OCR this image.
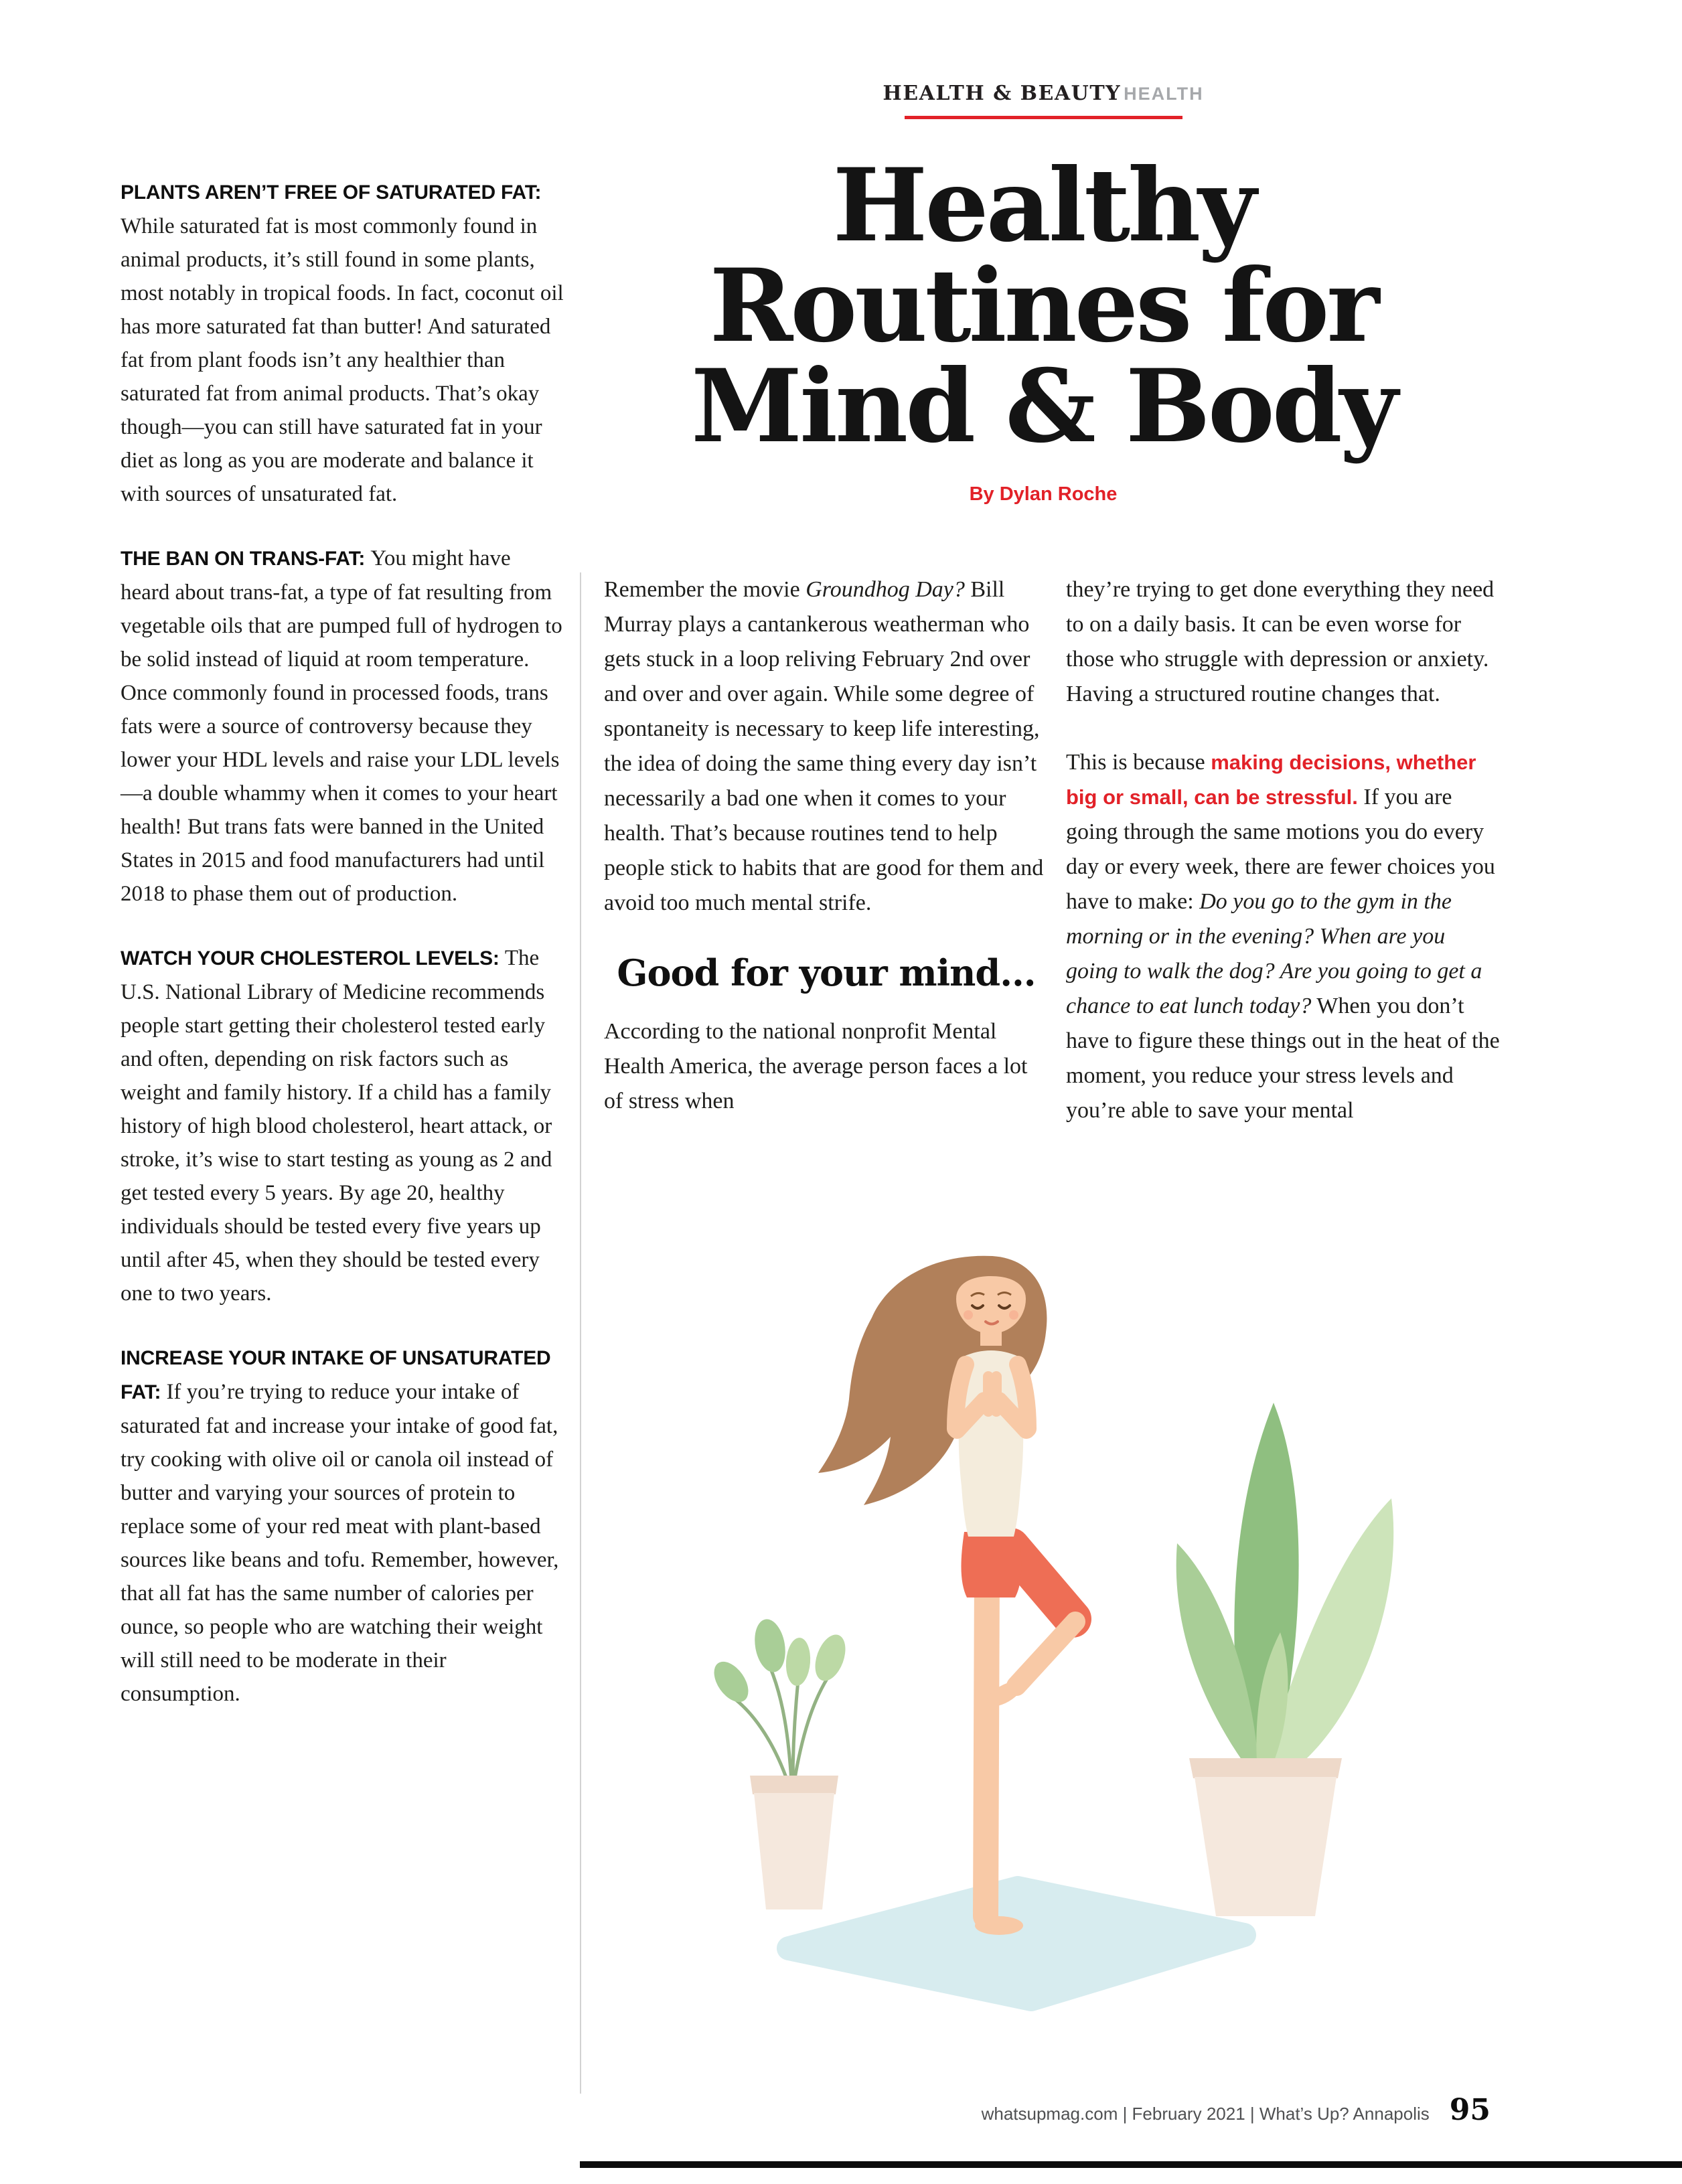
HEALTH & BEAUTY HEALTH
Healthy
Routines for
Mind & Body
By Dylan Roche

PLANTS AREN’T FREE OF SATURATED FAT: While saturated fat is most commonly found in animal products, it’s still found in some plants, most notably in tropical foods. In fact, coconut oil has more saturated fat than butter! And saturated fat from plant foods isn’t any healthier than saturated fat from animal products. That’s okay though—you can still have saturated fat in your diet as long as you are moderate and balance it with sources of unsaturated fat.

THE BAN ON TRANS-FAT: You might have heard about trans-fat, a type of fat resulting from vegetable oils that are pumped full of hydrogen to be solid instead of liquid at room temperature. Once commonly found in processed foods, trans fats were a source of controversy because they lower your HDL levels and raise your LDL levels—a double whammy when it comes to your heart health! But trans fats were banned in the United States in 2015 and food manufacturers had until 2018 to phase them out of production.

WATCH YOUR CHOLESTEROL LEVELS: The U.S. National Library of Medicine recommends people start getting their cholesterol tested early and often, depending on risk factors such as weight and family history. If a child has a family history of high blood cholesterol, heart attack, or stroke, it’s wise to start testing as young as 2 and get tested every 5 years. By age 20, healthy individuals should be tested every five years up until after 45, when they should be tested every one to two years.

INCREASE YOUR INTAKE OF UNSATURATED FAT: If you’re trying to reduce your intake of saturated fat and increase your intake of good fat, try cooking with olive oil or canola oil instead of butter and varying your sources of protein to replace some of your red meat with plant-based sources like beans and tofu. Remember, however, that all fat has the same number of calories per ounce, so people who are watching their weight will still need to be moderate in their consumption.

Remember the movie Groundhog Day? Bill Murray plays a cantankerous weatherman who gets stuck in a loop reliving February 2nd over and over and over again. While some degree of spontaneity is necessary to keep life interesting, the idea of doing the same thing every day isn’t necessarily a bad one when it comes to your health. That’s because routines tend to help people stick to habits that are good for them and avoid too much mental strife.

Good for your mind...

According to the national nonprofit Mental Health America, the average person faces a lot of stress when

they’re trying to get done everything they need to on a daily basis. It can be even worse for those who struggle with depression or anxiety. Having a structured routine changes that.

This is because making decisions, whether big or small, can be stressful. If you are going through the same motions you do every day or every week, there are fewer choices you have to make: Do you go to the gym in the morning or in the evening? When are you going to walk the dog? Are you going to get a chance to eat lunch today? When you don’t have to figure these things out in the heat of the moment, you reduce your stress levels and you’re able to save your mental

whatsupmag.com | February 2021 | What’s Up? Annapolis 95
